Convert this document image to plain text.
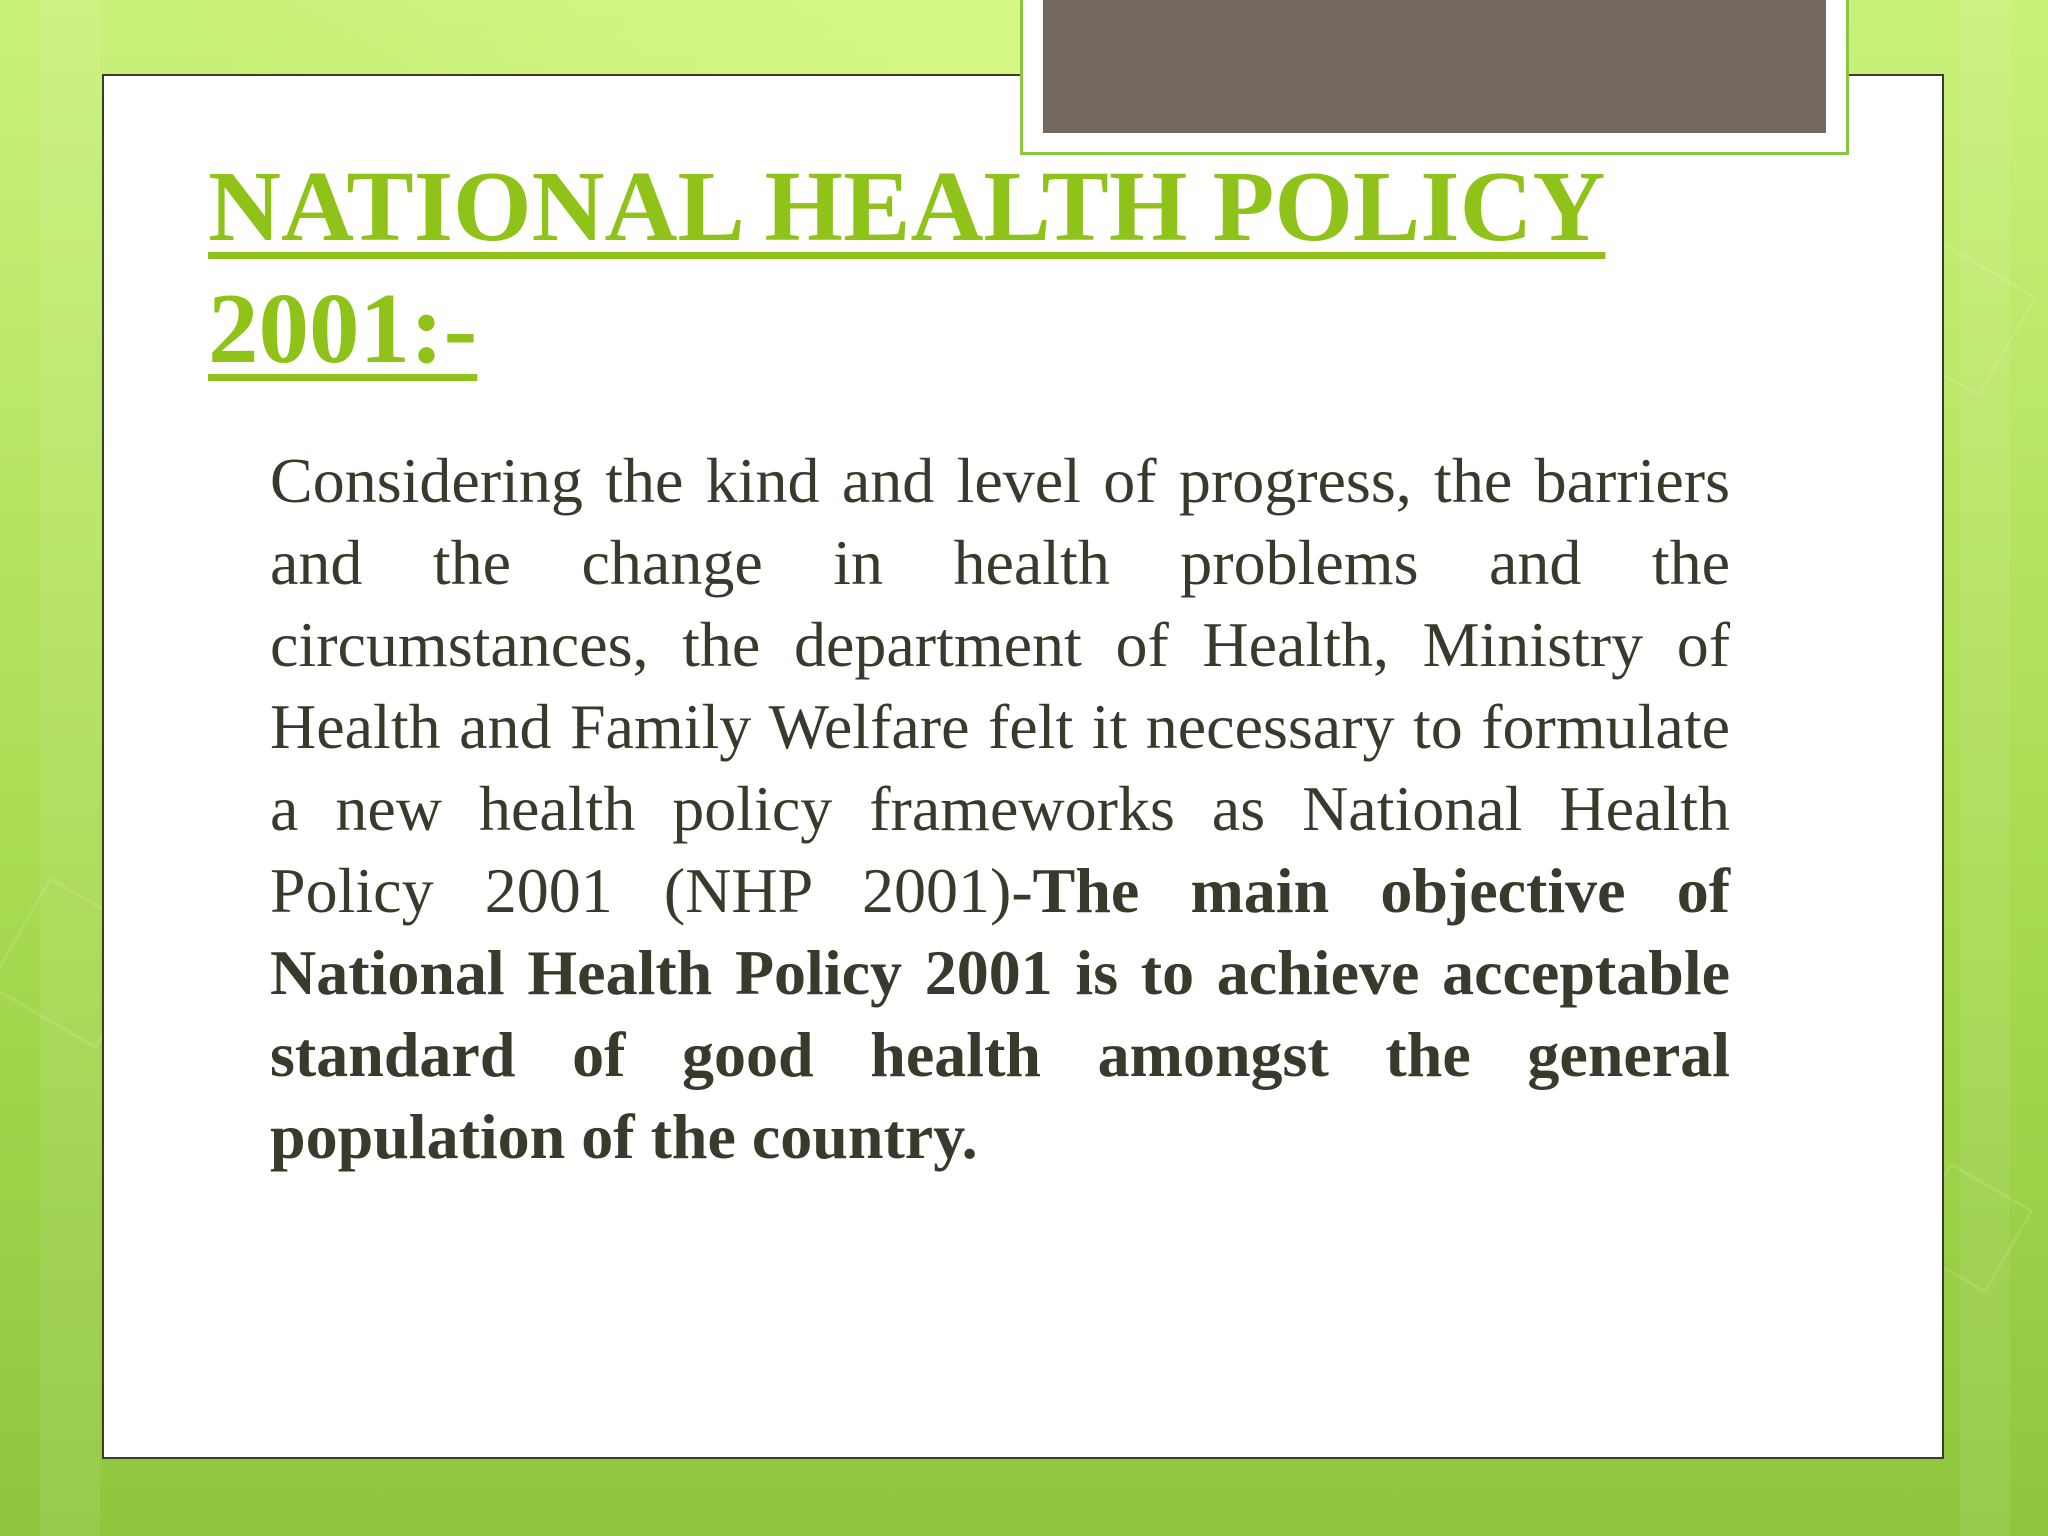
NATIONAL HEALTH POLICY 2001:-

Considering the kind and level of progress, the barriers and the change in health problems and the circumstances, the department of Health, Ministry of Health and Family Welfare felt it necessary to formulate a new health policy frameworks as National Health Policy 2001 (NHP 2001)-The main objective of National Health Policy 2001 is to achieve acceptable standard of good health amongst the general population of the country.
